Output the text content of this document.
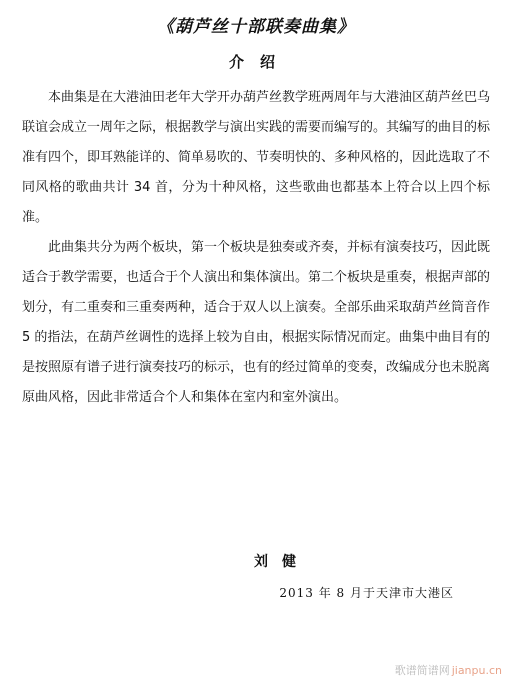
《葫芦丝十部联奏曲集》
介绍

本曲集是在大港油田老年大学开办葫芦丝教学班两周年与大港油区葫芦丝巴乌联谊会成立一周年之际，根据教学与演出实践的需要而编写的。其编写的曲目的标准有四个，即耳熟能详的、简单易吹的、节奏明快的、多种风格的，因此选取了不同风格的歌曲共计 34 首，分为十种风格，这些歌曲也都基本上符合以上四个标准。

此曲集共分为两个板块，第一个板块是独奏或齐奏，并标有演奏技巧，因此既适合于教学需要，也适合于个人演出和集体演出。第二个板块是重奏，根据声部的划分，有二重奏和三重奏两种，适合于双人以上演奏。全部乐曲采取葫芦丝筒音作 5 的指法，在葫芦丝调性的选择上较为自由，根据实际情况而定。曲集中曲目有的是按照原有谱子进行演奏技巧的标示，也有的经过简单的变奏，改编成分也未脱离原曲风格，因此非常适合个人和集体在室内和室外演出。

刘健
2013 年 8 月于天津市大港区
歌谱简谱网 jianpu.cn
